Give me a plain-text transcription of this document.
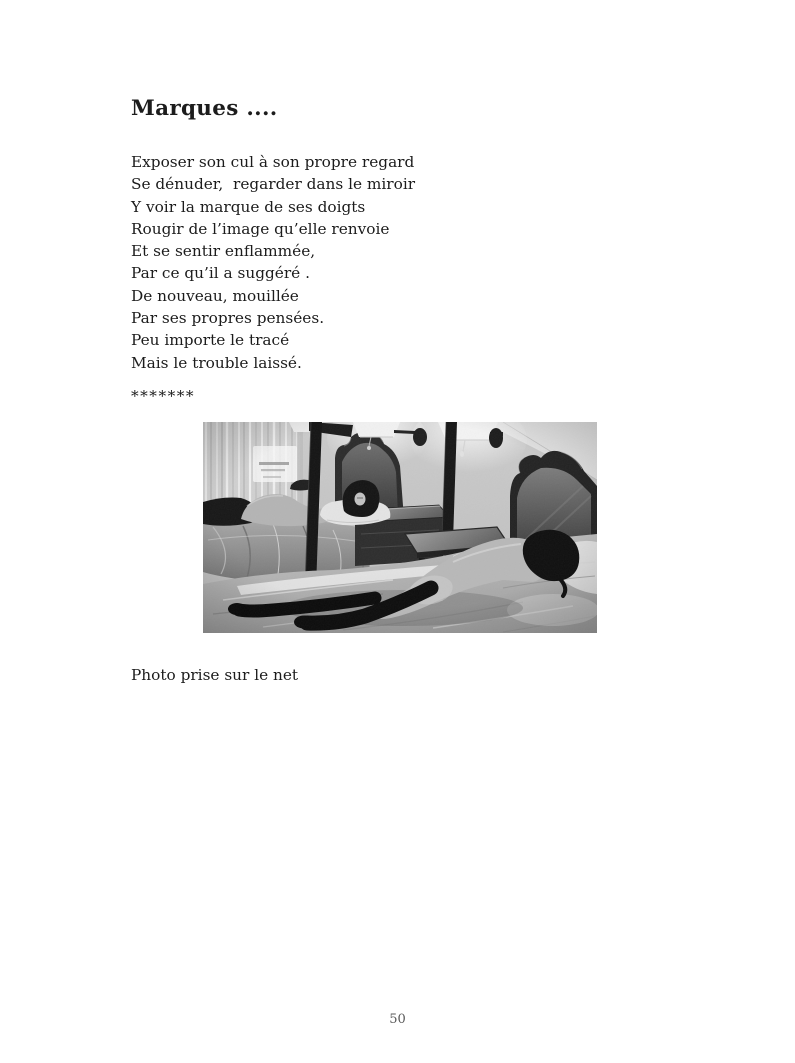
Marques ....
Exposer son cul à son propre regard
Se dénuder,  regarder dans le miroir
Y voir la marque de ses doigts
Rougir de l’image qu’elle renvoie
Et se sentir enflammée,
Par ce qu’il a suggéré .
De nouveau, mouillée
Par ses propres pensées.
Peu importe le tracé
Mais le trouble laissé.
*******
Photo prise sur le net
50
